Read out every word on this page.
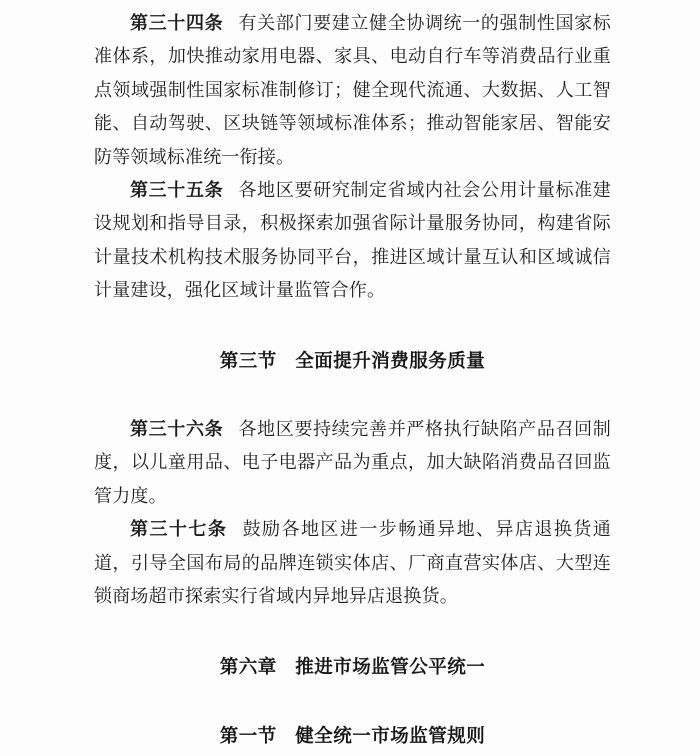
第三十四条 有关部门要建立健全协调统一的强制性国家标准体系，加快推动家用电器、家具、电动自行车等消费品行业重点领域强制性国家标准制修订；健全现代流通、大数据、人工智能、自动驾驶、区块链等领域标准体系；推动智能家居、智能安防等领域标准统一衔接。

第三十五条 各地区要研究制定省域内社会公用计量标准建设规划和指导目录，积极探索加强省际计量服务协同，构建省际计量技术机构技术服务协同平台，推进区域计量互认和区域诚信计量建设，强化区域计量监管合作。

第三节 全面提升消费服务质量

第三十六条 各地区要持续完善并严格执行缺陷产品召回制度，以儿童用品、电子电器产品为重点，加大缺陷消费品召回监管力度。

第三十七条 鼓励各地区进一步畅通异地、异店退换货通道，引导全国布局的品牌连锁实体店、厂商直营实体店、大型连锁商场超市探索实行省域内异地异店退换货。

第六章 推进市场监管公平统一
第一节 健全统一市场监管规则
